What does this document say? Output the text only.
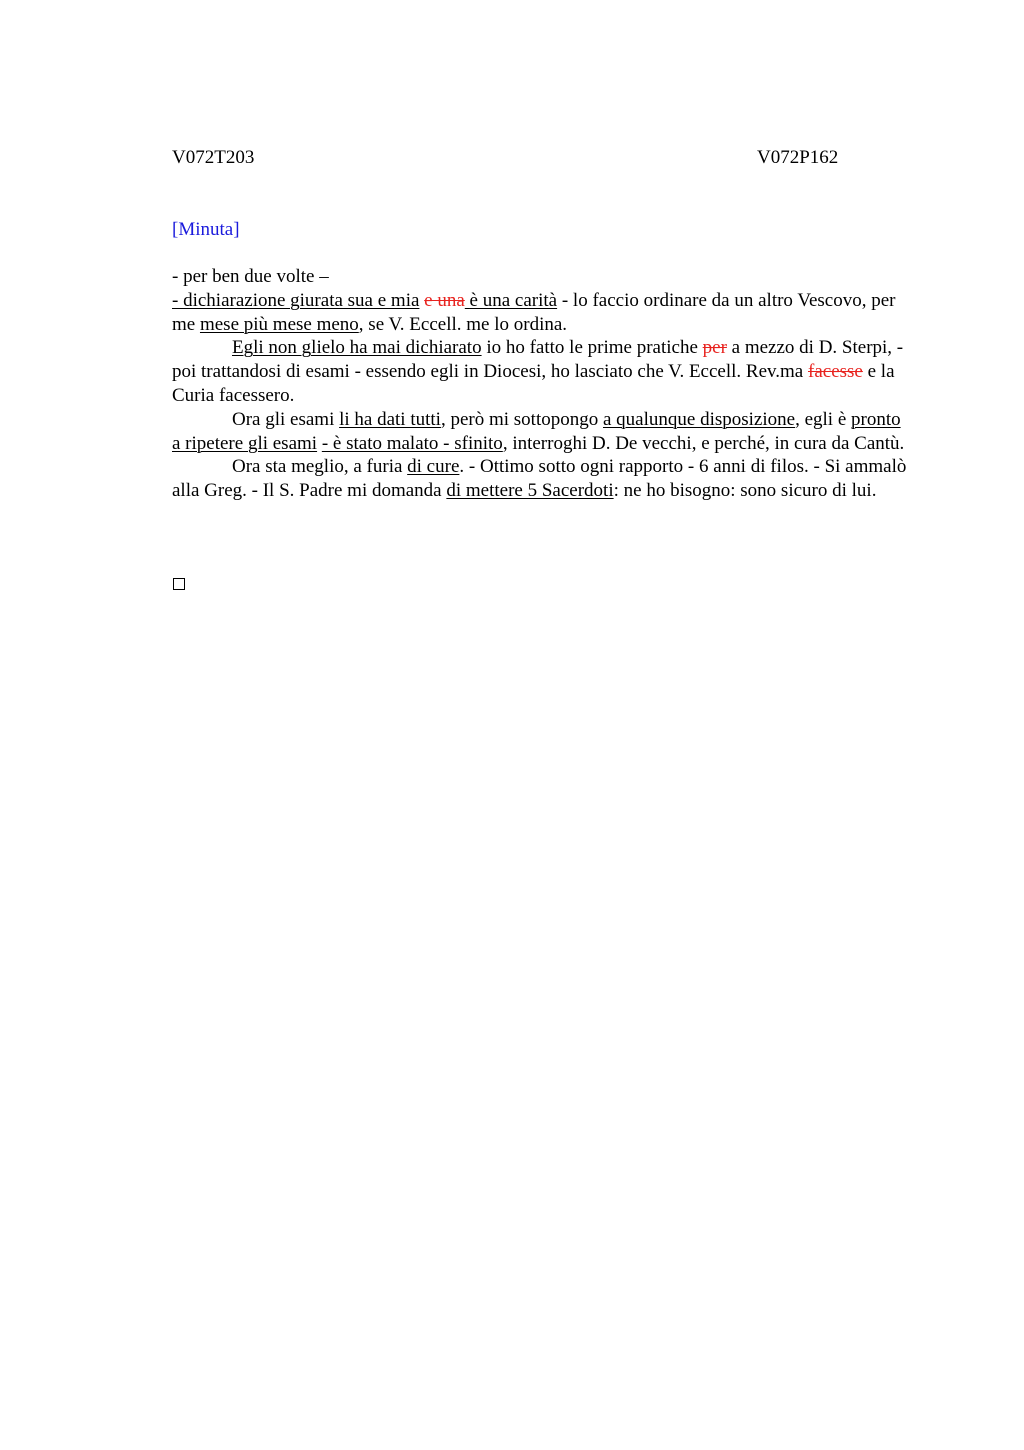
V072T203	V072P162
[Minuta]

- per ben due volte –

- dichiarazione giurata sua e mia e una è una carità - lo faccio ordinare da un altro Vescovo, per me mese più mese meno, se V. Eccell. me lo ordina.

Egli non glielo ha mai dichiarato io ho fatto le prime pratiche per a mezzo di D. Sterpi, - poi trattandosi di esami - essendo egli in Diocesi, ho lasciato che V. Eccell. Rev.ma facesse e la Curia facessero.

Ora gli esami li ha dati tutti, però mi sottopongo a qualunque disposizione, egli è pronto a ripetere gli esami - è stato malato - sfinito, interroghi D. De vecchi, e perché, in cura da Cantù.

Ora sta meglio, a furia di cure. - Ottimo sotto ogni rapporto - 6 anni di filos. - Si ammalò alla Greg. - Il S. Padre mi domanda di mettere 5 Sacerdoti: ne ho bisogno: sono sicuro di lui.
